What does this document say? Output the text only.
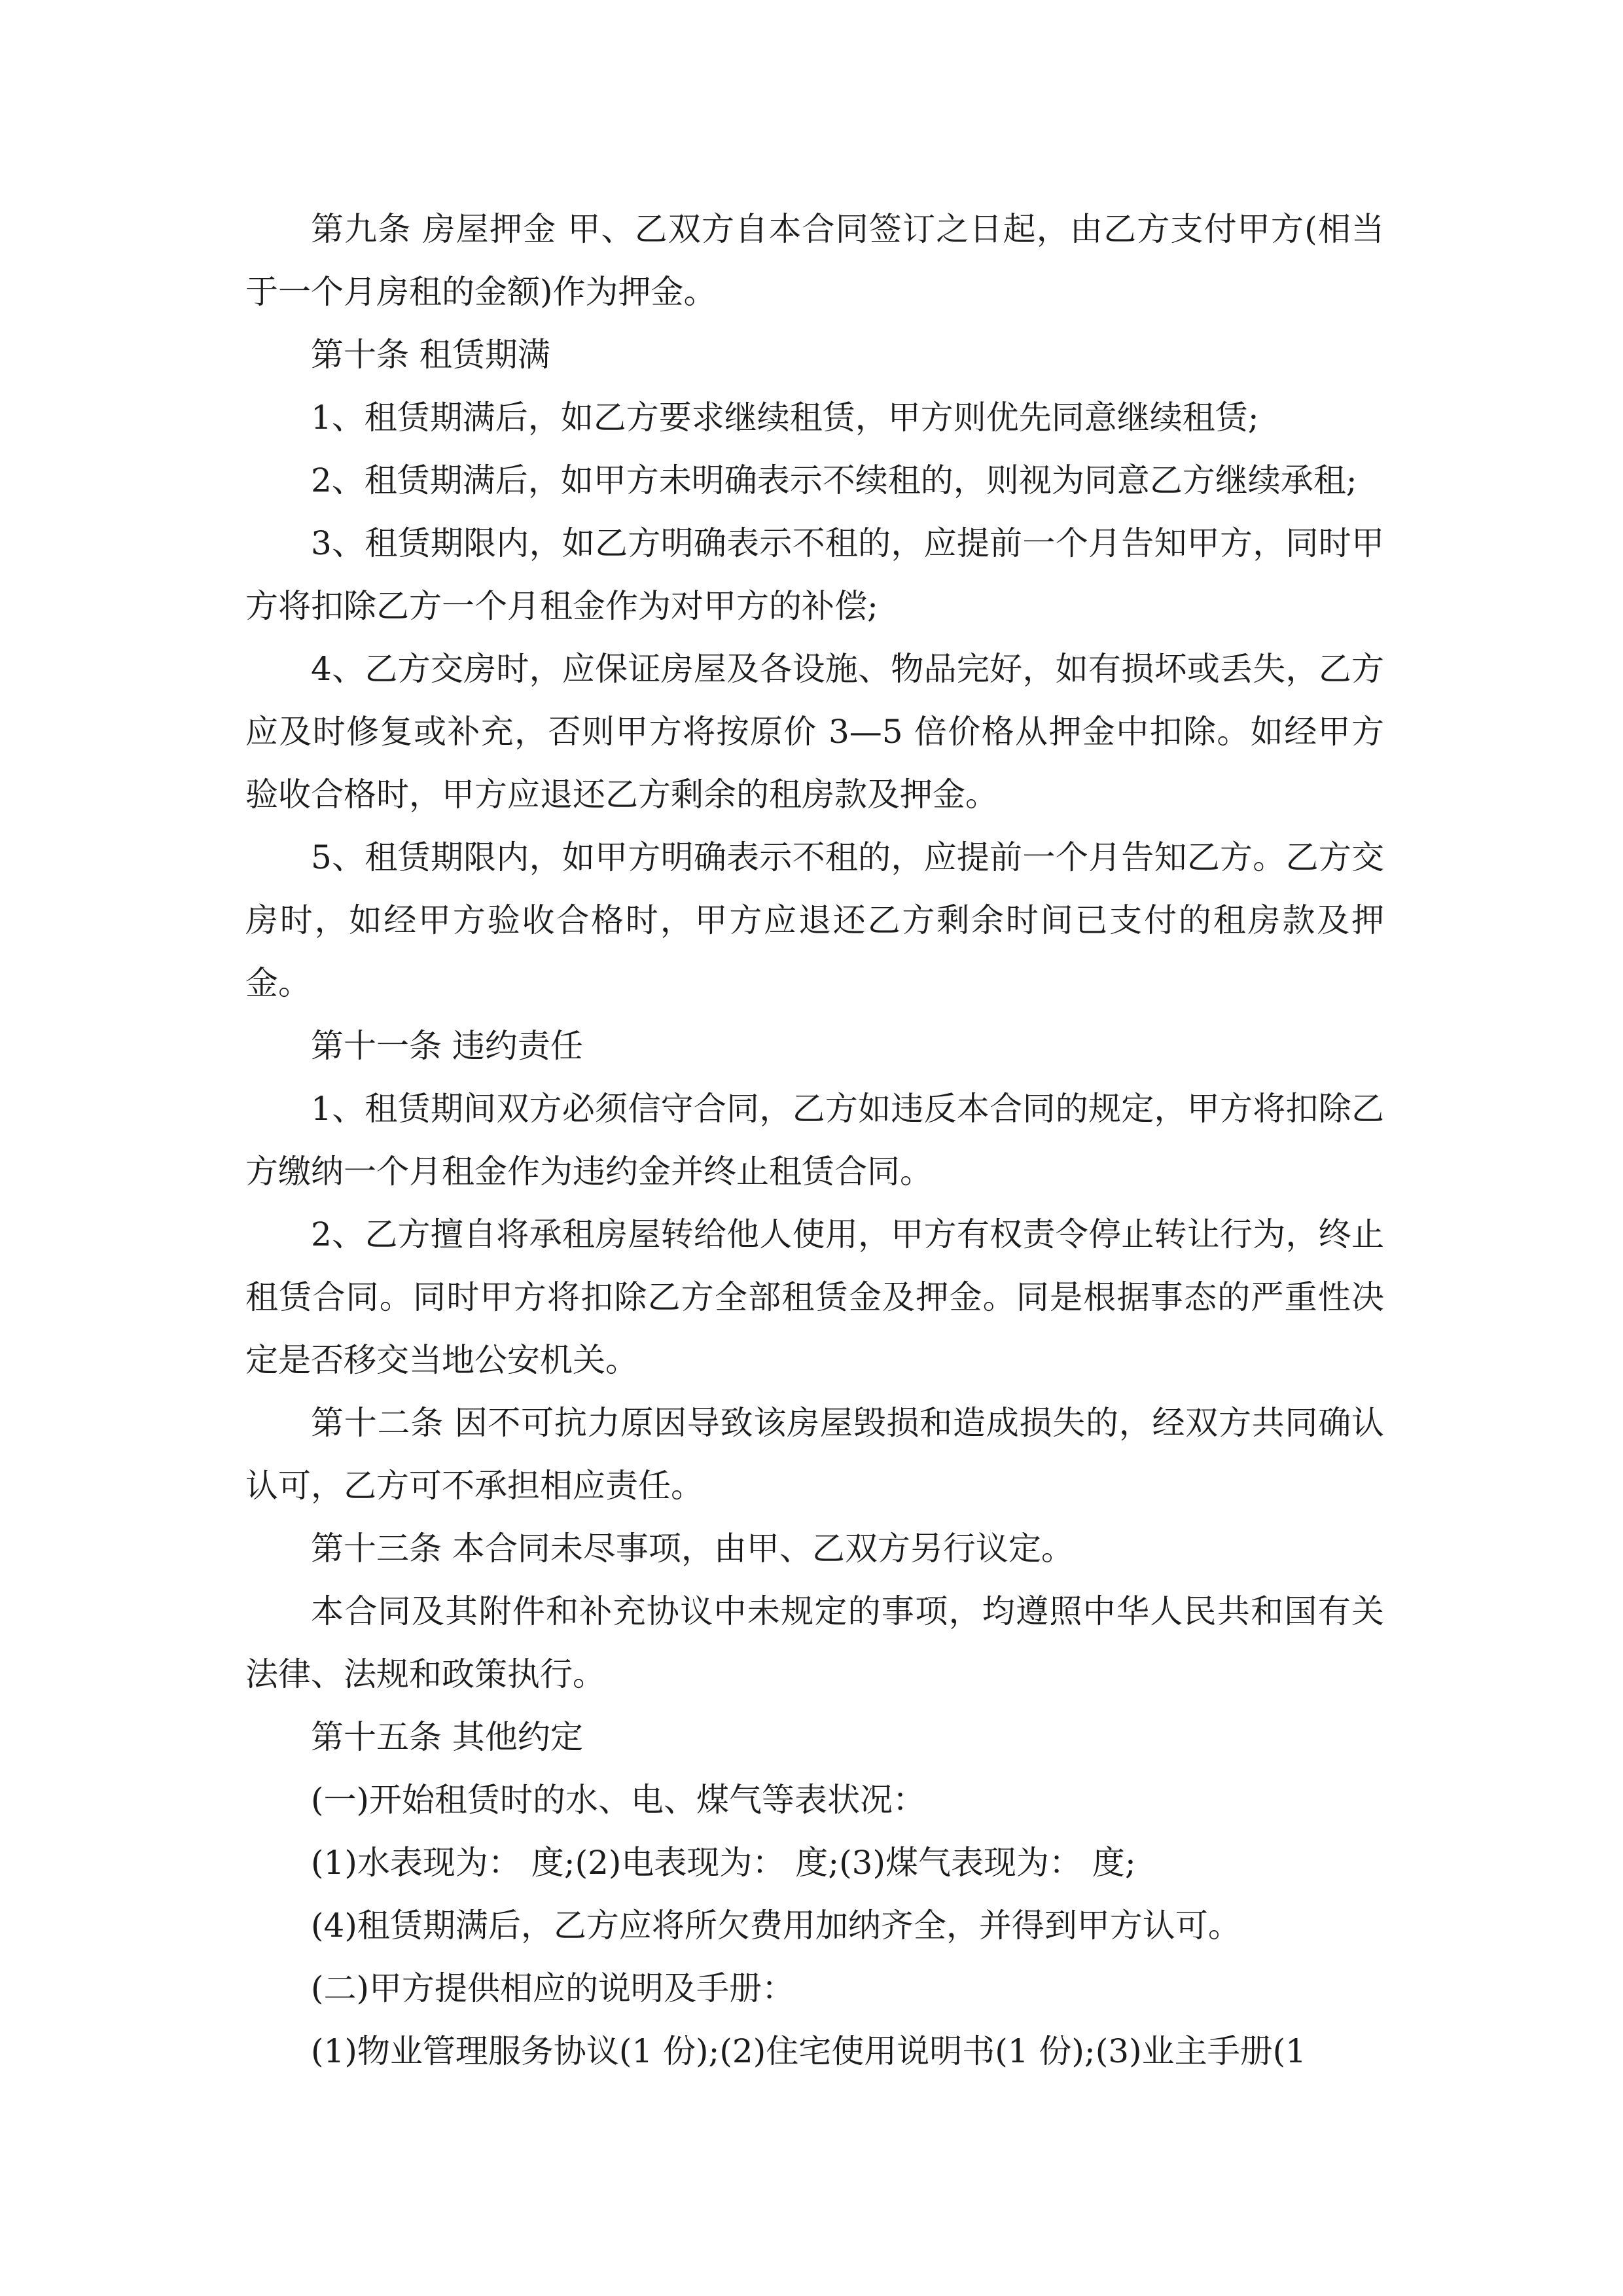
第九条 房屋押金 甲、乙双方自本合同签订之日起，由乙方支付甲方(相当于一个月房租的金额)作为押金。

第十条 租赁期满

1、租赁期满后，如乙方要求继续租赁，甲方则优先同意继续租赁;

2、租赁期满后，如甲方未明确表示不续租的，则视为同意乙方继续承租;

3、租赁期限内，如乙方明确表示不租的，应提前一个月告知甲方，同时甲方将扣除乙方一个月租金作为对甲方的补偿;

4、乙方交房时，应保证房屋及各设施、物品完好，如有损坏或丢失，乙方应及时修复或补充，否则甲方将按原价 3—5 倍价格从押金中扣除。如经甲方验收合格时，甲方应退还乙方剩余的租房款及押金。

5、租赁期限内，如甲方明确表示不租的，应提前一个月告知乙方。乙方交房时，如经甲方验收合格时，甲方应退还乙方剩余时间已支付的租房款及押金。

第十一条 违约责任

1、租赁期间双方必须信守合同，乙方如违反本合同的规定，甲方将扣除乙方缴纳一个月租金作为违约金并终止租赁合同。

2、乙方擅自将承租房屋转给他人使用，甲方有权责令停止转让行为，终止租赁合同。同时甲方将扣除乙方全部租赁金及押金。同是根据事态的严重性决定是否移交当地公安机关。

第十二条 因不可抗力原因导致该房屋毁损和造成损失的，经双方共同确认认可，乙方可不承担相应责任。

第十三条 本合同未尽事项，由甲、乙双方另行议定。

本合同及其附件和补充协议中未规定的事项，均遵照中华人民共和国有关法律、法规和政策执行。

第十五条 其他约定

(一)开始租赁时的水、电、煤气等表状况：

(1)水表现为： 度;(2)电表现为： 度;(3)煤气表现为： 度;

(4)租赁期满后，乙方应将所欠费用加纳齐全，并得到甲方认可。

(二)甲方提供相应的说明及手册：

(1)物业管理服务协议(1 份);(2)住宅使用说明书(1 份);(3)业主手册(1
